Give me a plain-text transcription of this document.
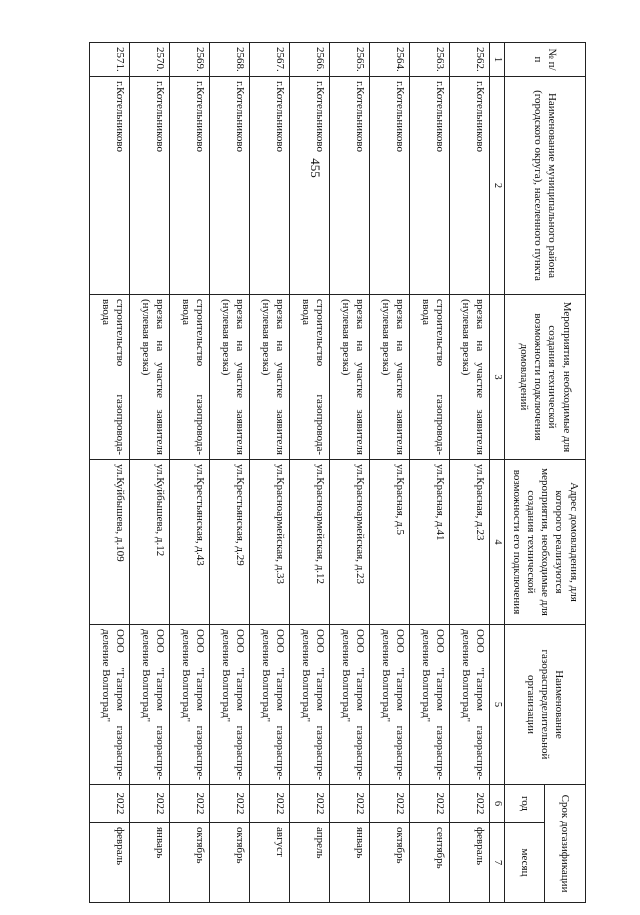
455
№ п/п	Наименование муниципального района (городского округа), населенного пункта	Мероприятия, необходимые для создания технической возможности подключения домовладений	Адрес домовладения, для которого реализуются мероприятия, необходимые для создания технической возможности его подключения	Наименование газораспределительной организации	Срок догазификации	
					год	месяц
1	2	3	4	5	6	7
2562.	г.Котельниково	врезка на участке заявителя (нулевая врезка)	ул.Красная, д.23	ООО "Газпром газораспре-деление Волгоград"	2022	февраль
2563.	г.Котельниково	строительство газопровода-ввода	ул.Красная, д.41	ООО "Газпром газораспре-деление Волгоград"	2022	сентябрь
2564.	г.Котельниково	врезка на участке заявителя (нулевая врезка)	ул.Красная, д.5	ООО "Газпром газораспре-деление Волгоград"	2022	октябрь
2565.	г.Котельниково	врезка на участке заявителя (нулевая врезка)	ул.Красноармейская, д.23	ООО "Газпром газораспре-деление Волгоград"	2022	январь
2566.	г.Котельниково	строительство газопровода-ввода	ул.Красноармейская, д.12	ООО "Газпром газораспре-деление Волгоград"	2022	апрель
2567.	г.Котельниково	врезка на участке заявителя (нулевая врезка)	ул.Красноармейская, д.33	ООО "Газпром газораспре-деление Волгоград"	2022	август
2568.	г.Котельниково	врезка на участке заявителя (нулевая врезка)	ул.Крестьянская, д.29	ООО "Газпром газораспре-деление Волгоград"	2022	октябрь
2569.	г.Котельниково	строительство газопровода-ввода	ул.Крестьянская, д.43	ООО "Газпром газораспре-деление Волгоград"	2022	октябрь
2570.	г.Котельниково	врезка на участке заявителя (нулевая врезка)	ул.Куйбышева, д.12	ООО "Газпром газораспре-деление Волгоград"	2022	январь
2571.	г.Котельниково	строительство газопровода-ввода	ул.Куйбышева, д.109	ООО "Газпром газораспре-деление Волгоград"	2022	февраль
